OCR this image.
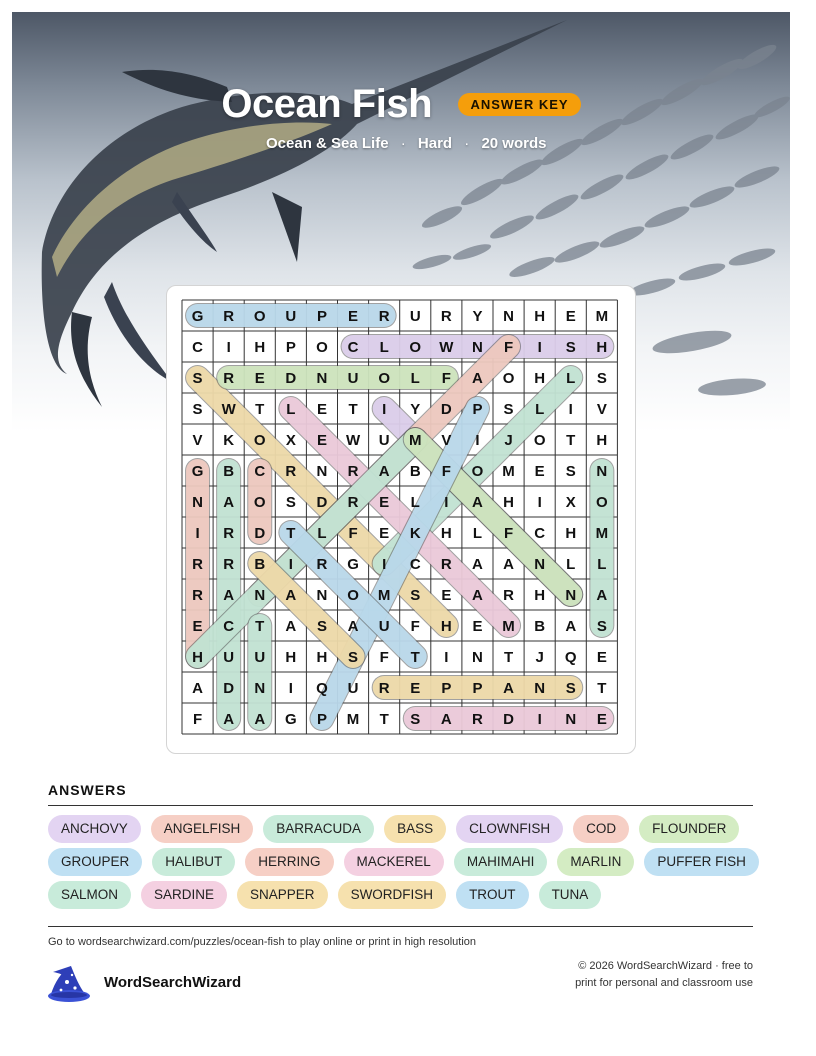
Ocean Fish	ANSWER KEY
Ocean & Sea Life · Hard · 20 words
G R O U P E R U R Y N H E M
C I H P O C L O W N F I S H
S R E D N U O L F A O H L S
S W T L E T I Y D P S L I V
V K O X E W U M V I J O T H
G B C R N R A B F O M E S N
N A O S D R E L I A H I X O
I R D T L F E K H L F C H M
R R B I R G I C R A A N L L
R A N A N O M S E A R H N A
E C T A S A U F H E M B A S
H U U H H S F T I N T J Q E
A D N I Q U R E P P A N S T
F A A G P M T S A R D I N E
ANSWERS
ANCHOVY	ANGELFISH	BARRACUDA	BASS	CLOWNFISH	COD	FLOUNDER
GROUPER	HALIBUT	HERRING	MACKEREL	MAHIMAHI	MARLIN	PUFFER FISH
SALMON	SARDINE	SNAPPER	SWORDFISH	TROUT	TUNA
Go to wordsearchwizard.com/puzzles/ocean-fish to play online or print in high resolution
WordSearchWizard
© 2026 WordSearchWizard · free to print for personal and classroom use
